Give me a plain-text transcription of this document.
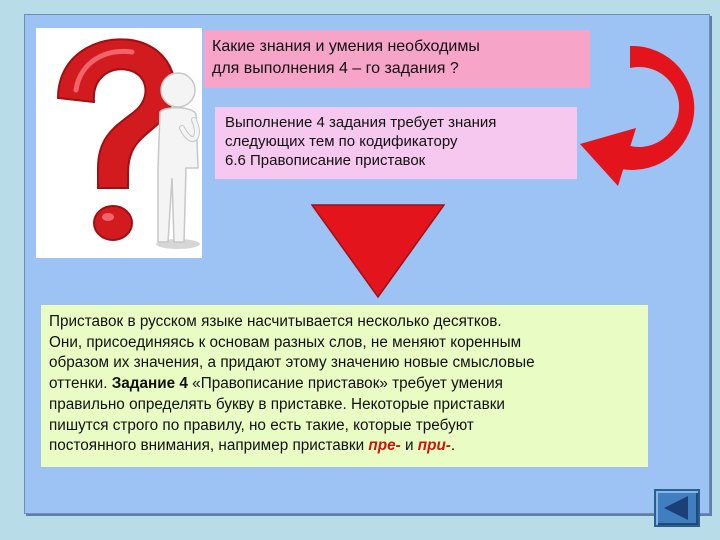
Какие знания и умения необходимы
для выполнения 4 – го задания ?
Выполнение 4 задания требует знания
следующих тем по кодификатору
6.6 Правописание приставок
Приставок в русском языке насчитывается несколько десятков.
Они, присоединяясь к основам разных слов, не меняют коренным
образом их значения, а придают этому значению новые смысловые
оттенки. Задание 4 «Правописание приставок» требует умения
правильно определять букву в приставке. Некоторые приставки
пишутся строго по правилу, но есть такие, которые требуют
постоянного внимания, например приставки пре- и при-.
